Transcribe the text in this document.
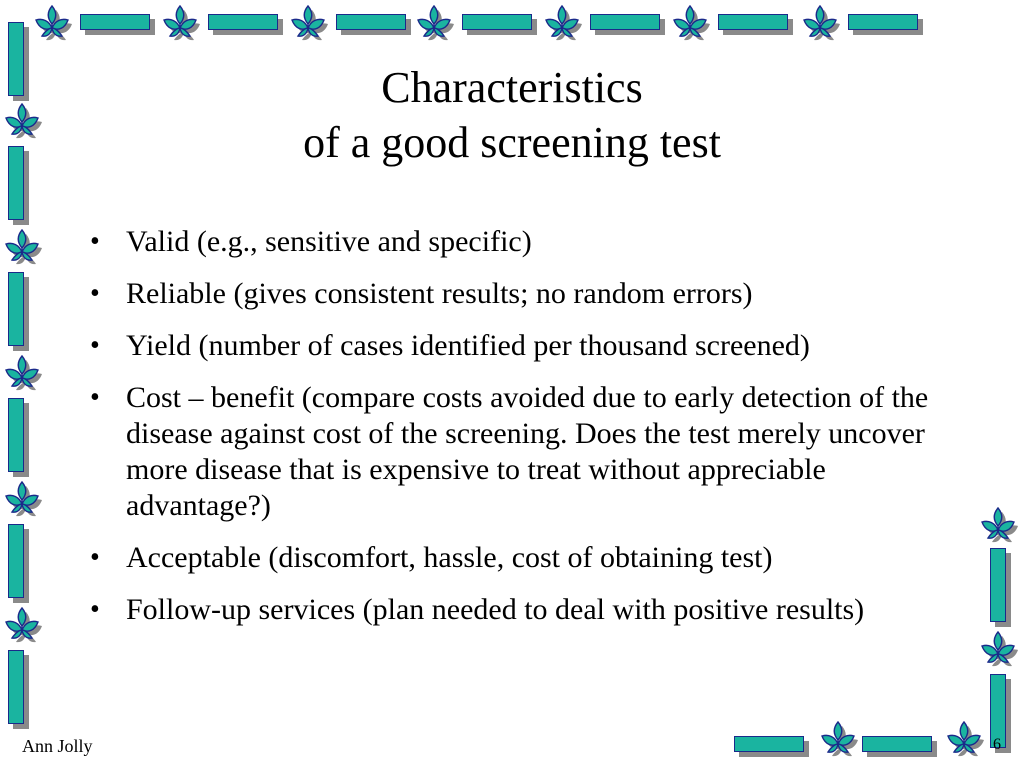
Characteristics
of a good screening test
• Valid (e.g., sensitive and specific)
• Reliable (gives consistent results; no random errors)
• Yield (number of cases identified per thousand screened)
• Cost – benefit (compare costs avoided due to early detection of the disease against cost of the screening. Does the test merely uncover more disease that is expensive to treat without appreciable advantage?)
• Acceptable (discomfort, hassle, cost of obtaining test)
• Follow-up services (plan needed to deal with positive results)
Ann Jolly	6
